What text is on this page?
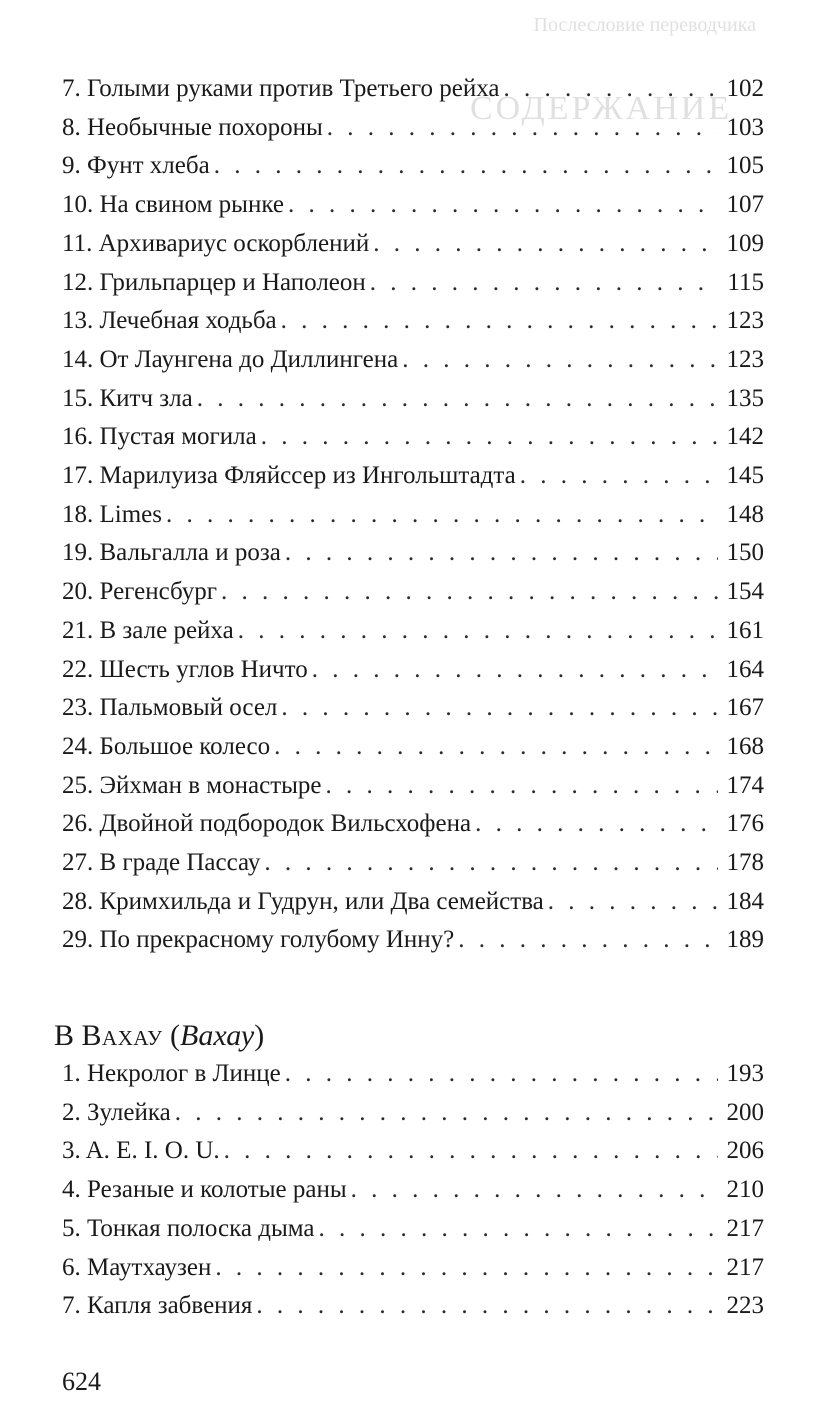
Послесловие переводчика
СОДЕРЖАНИЕ
7. Голыми руками против Третьего рейха . . .	102
8. Необычные похороны . . .	103
9. Фунт хлеба . . .	105
10. На свином рынке . . .	107
11. Архивариус оскорблений . . .	109
12. Грильпарцер и Наполеон . . .	115
13. Лечебная ходьба . . .	123
14. От Лаунгена до Диллингена . . .	123
15. Китч зла . . .	135
16. Пустая могила . . .	142
17. Марилуиза Фляйссер из Ингольштадта . . .	145
18. Limes . . .	148
19. Вальгалла и роза . . .	150
20. Регенсбург . . .	154
21. В зале рейха . . .	161
22. Шесть углов Ничто . . .	164
23. Пальмовый осел . . .	167
24. Большое колесо . . .	168
25. Эйхман в монастыре . . .	174
26. Двойной подбородок Вильсхофена . . .	176
27. В граде Пассау . . .	178
28. Кримхильда и Гудрун, или Два семейства . . .	184
29. По прекрасному голубому Инну? . . .	189
1. Некролог в Линце . . .	193
2. Зулейка . . .	200
3. A. E. I. O. U. . . .	206
4. Резаные и колотые раны . . .	210
5. Тонкая полоска дыма . . .	217
6. Маутхаузен . . .	217
7. Капля забвения . . .	223
В Вахау (Вахау)
624
